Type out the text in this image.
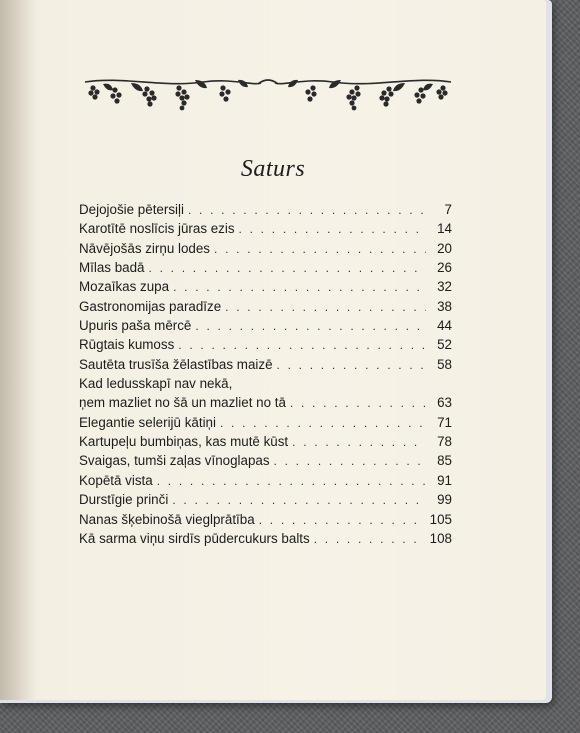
Saturs
Dejojošie pētersiļi . . .	7
Karotītē noslīcis jūras ezis . . .	14
Nāvējošās zirņu lodes . . .	20
Mīlas badā . . .	26
Mozaīkas zupa . . .	32
Gastronomijas paradīze . . .	38
Upuris paša mērcē . . .	44
Rūgtais kumoss . . .	52
Sautēta trusīša žēlastības maizē . . .	58
Kad ledusskapī nav nekā,
ņem mazliet no šā un mazliet no tā . . .	63
Elegantie selerijū kātiņi . . .	71
Kartupeļu bumbiņas, kas mutē kūst . . .	78
Svaigas, tumši zaļas vīnoglapas . . .	85
Kopētā vista . . .	91
Durstīgie prinči . . .	99
Nanas šķebinošā vieglprātība . . .	105
Kā sarma viņu sirdīs pūdercukurs balts . . .	108
